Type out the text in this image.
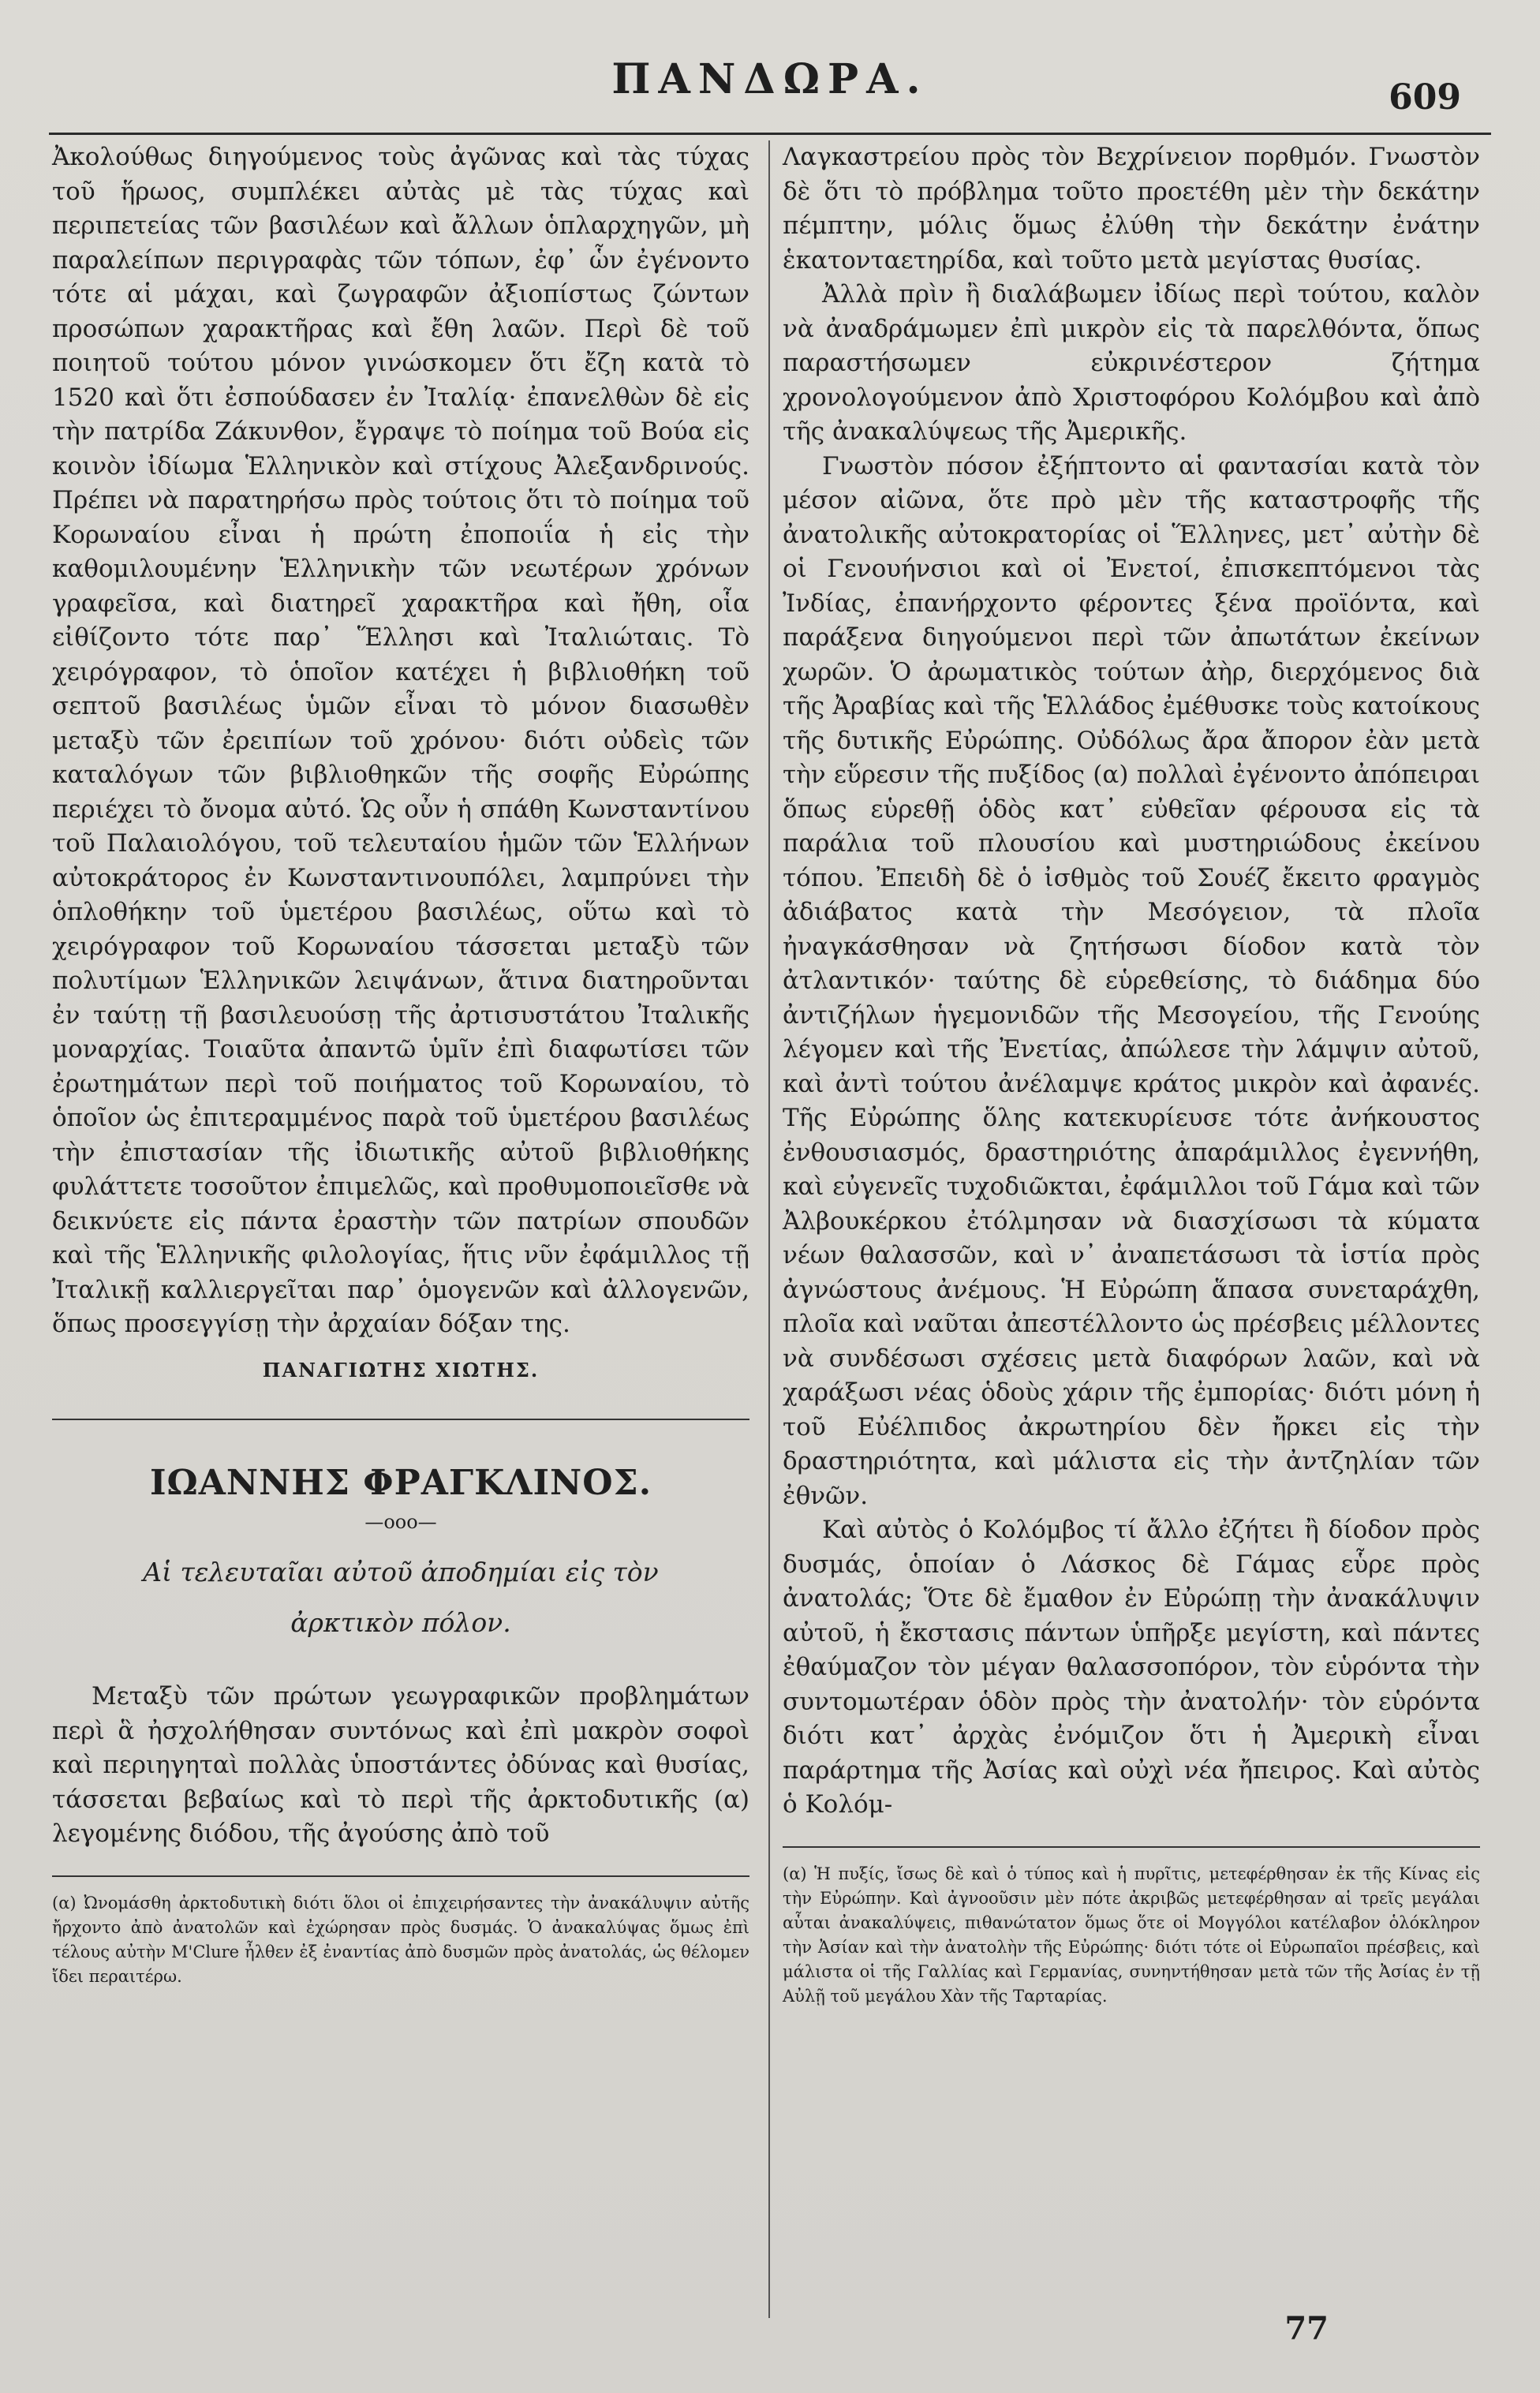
ΠΑΝΔΩΡΑ.	609

Ἀκολούθως διηγούμενος τοὺς ἀγῶνας καὶ τὰς τύχας τοῦ ἥρωος, συμπλέκει αὐτὰς μὲ τὰς τύχας καὶ περιπετείας τῶν βασιλέων καὶ ἄλλων ὁπλαρχηγῶν, μὴ παραλείπων περιγραφὰς τῶν τόπων, ἐφ᾽ ὧν ἐγένοντο τότε αἱ μάχαι, καὶ ζωγραφῶν ἀξιοπίστως ζώντων προσώπων χαρακτῆρας καὶ ἔθη λαῶν. Περὶ δὲ τοῦ ποιητοῦ τούτου μόνον γινώσκομεν ὅτι ἔζη κατὰ τὸ 1520 καὶ ὅτι ἐσπούδασεν ἐν Ἰταλίᾳ· ἐπανελθὼν δὲ εἰς τὴν πατρίδα Ζάκυνθον, ἔγραψε τὸ ποίημα τοῦ Βούα εἰς κοινὸν ἰδίωμα Ἑλληνικὸν καὶ στίχους Ἀλεξανδρινούς. Πρέπει νὰ παρατηρήσω πρὸς τούτοις ὅτι τὸ ποίημα τοῦ Κορωναίου εἶναι ἡ πρώτη ἐποποιΐα ἡ εἰς τὴν καθομιλουμένην Ἑλληνικὴν τῶν νεωτέρων χρόνων γραφεῖσα, καὶ διατηρεῖ χαρακτῆρα καὶ ἤθη, οἷα εἰθίζοντο τότε παρ᾽ Ἕλλησι καὶ Ἰταλιώταις. Τὸ χειρόγραφον, τὸ ὁποῖον κατέχει ἡ βιβλιοθήκη τοῦ σεπτοῦ βασιλέως ὑμῶν εἶναι τὸ μόνον διασωθὲν μεταξὺ τῶν ἐρειπίων τοῦ χρόνου· διότι οὐδεὶς τῶν καταλόγων τῶν βιβλιοθηκῶν τῆς σοφῆς Εὐρώπης περιέχει τὸ ὄνομα αὐτό. Ὡς οὖν ἡ σπάθη Κωνσταντίνου τοῦ Παλαιολόγου, τοῦ τελευταίου ἡμῶν τῶν Ἑλλήνων αὐτοκράτορος ἐν Κωνσταντινουπόλει, λαμπρύνει τὴν ὁπλοθήκην τοῦ ὑμετέρου βασιλέως, οὕτω καὶ τὸ χειρόγραφον τοῦ Κορωναίου τάσσεται μεταξὺ τῶν πολυτίμων Ἑλληνικῶν λειψάνων, ἅτινα διατηροῦνται ἐν ταύτῃ τῇ βασιλευούσῃ τῆς ἀρτισυστάτου Ἰταλικῆς μοναρχίας. Τοιαῦτα ἀπαντῶ ὑμῖν ἐπὶ διαφωτίσει τῶν ἐρωτημάτων περὶ τοῦ ποιήματος τοῦ Κορωναίου, τὸ ὁποῖον ὡς ἐπιτεραμμένος παρὰ τοῦ ὑμετέρου βασιλέως τὴν ἐπιστασίαν τῆς ἰδιωτικῆς αὐτοῦ βιβλιοθήκης φυλάττετε τοσοῦτον ἐπιμελῶς, καὶ προθυμοποιεῖσθε νὰ δεικνύετε εἰς πάντα ἐραστὴν τῶν πατρίων σπουδῶν καὶ τῆς Ἑλληνικῆς φιλολογίας, ἥτις νῦν ἐφάμιλλος τῇ Ἰταλικῇ καλλιεργεῖται παρ᾽ ὁμογενῶν καὶ ἀλλογενῶν, ὅπως προσεγγίσῃ τὴν ἀρχαίαν δόξαν της.

ΠΑΝΑΓΙΩΤΗΣ ΧΙΩΤΗΣ.
ΙΩΑΝΝΗΣ ΦΡΑΓΚΛΙΝΟΣ.
—ooo—
Αἱ τελευταῖαι αὐτοῦ ἀποδημίαι εἰς τὸν
ἀρκτικὸν πόλον.

Μεταξὺ τῶν πρώτων γεωγραφικῶν προβλημάτων περὶ ἃ ἠσχολήθησαν συντόνως καὶ ἐπὶ μακρὸν σοφοὶ καὶ περιηγηταὶ πολλὰς ὑποστάντες ὀδύνας καὶ θυσίας, τάσσεται βεβαίως καὶ τὸ περὶ τῆς ἀρκτοδυτικῆς (α) λεγομένης διόδου, τῆς ἀγούσης ἀπὸ τοῦ

(α) Ὠνομάσθη ἀρκτοδυτικὴ διότι ὅλοι οἱ ἐπιχειρήσαντες τὴν ἀνακάλυψιν αὐτῆς ἤρχοντο ἀπὸ ἀνατολῶν καὶ ἐχώρησαν πρὸς δυσμάς. Ὁ ἀνακαλύψας ὅμως ἐπὶ τέλους αὐτὴν M'Clure ἦλθεν ἐξ ἐναντίας ἀπὸ δυσμῶν πρὸς ἀνατολάς, ὡς θέλομεν ἴδει περαιτέρω.

Λαγκαστρείου πρὸς τὸν Βεχρίνειον πορθμόν. Γνωστὸν δὲ ὅτι τὸ πρόβλημα τοῦτο προετέθη μὲν τὴν δεκάτην πέμπτην, μόλις ὅμως ἐλύθη τὴν δεκάτην ἐνάτην ἑκατονταετηρίδα, καὶ τοῦτο μετὰ μεγίστας θυσίας.

Ἀλλὰ πρὶν ἢ διαλάβωμεν ἰδίως περὶ τούτου, καλὸν νὰ ἀναδράμωμεν ἐπὶ μικρὸν εἰς τὰ παρελθόντα, ὅπως παραστήσωμεν εὐκρινέστερον ζήτημα χρονολογούμενον ἀπὸ Χριστοφόρου Κολόμβου καὶ ἀπὸ τῆς ἀνακαλύψεως τῆς Ἀμερικῆς.

Γνωστὸν πόσον ἐξήπτοντο αἱ φαντασίαι κατὰ τὸν μέσον αἰῶνα, ὅτε πρὸ μὲν τῆς καταστροφῆς τῆς ἀνατολικῆς αὐτοκρατορίας οἱ Ἕλληνες, μετ᾽ αὐτὴν δὲ οἱ Γενουήνσιοι καὶ οἱ Ἐνετοί, ἐπισκεπτόμενοι τὰς Ἰνδίας, ἐπανήρχοντο φέροντες ξένα προϊόντα, καὶ παράξενα διηγούμενοι περὶ τῶν ἀπωτάτων ἐκείνων χωρῶν. Ὁ ἀρωματικὸς τούτων ἀὴρ, διερχόμενος διὰ τῆς Ἀραβίας καὶ τῆς Ἑλλάδος ἐμέθυσκε τοὺς κατοίκους τῆς δυτικῆς Εὐρώπης. Οὐδόλως ἄρα ἄπορον ἐὰν μετὰ τὴν εὕρεσιν τῆς πυξίδος (α) πολλαὶ ἐγένοντο ἀπόπειραι ὅπως εὑρεθῇ ὁδὸς κατ᾽ εὐθεῖαν φέρουσα εἰς τὰ παράλια τοῦ πλουσίου καὶ μυστηριώδους ἐκείνου τόπου. Ἐπειδὴ δὲ ὁ ἰσθμὸς τοῦ Σουέζ ἔκειτο φραγμὸς ἀδιάβατος κατὰ τὴν Μεσόγειον, τὰ πλοῖα ἠναγκάσθησαν νὰ ζητήσωσι δίοδον κατὰ τὸν ἀτλαντικόν· ταύτης δὲ εὑρεθείσης, τὸ διάδημα δύο ἀντιζήλων ἡγεμονιδῶν τῆς Μεσογείου, τῆς Γενούης λέγομεν καὶ τῆς Ἐνετίας, ἀπώλεσε τὴν λάμψιν αὐτοῦ, καὶ ἀντὶ τούτου ἀνέλαμψε κράτος μικρὸν καὶ ἀφανές. Τῆς Εὐρώπης ὅλης κατεκυρίευσε τότε ἀνήκουστος ἐνθουσιασμός, δραστηριότης ἀπαράμιλλος ἐγεννήθη, καὶ εὐγενεῖς τυχοδιῶκται, ἐφάμιλλοι τοῦ Γάμα καὶ τῶν Ἀλβουκέρκου ἐτόλμησαν νὰ διασχίσωσι τὰ κύματα νέων θαλασσῶν, καὶ ν᾽ ἀναπετάσωσι τὰ ἱστία πρὸς ἀγνώστους ἀνέμους. Ἡ Εὐρώπη ἅπασα συνεταράχθη, πλοῖα καὶ ναῦται ἀπεστέλλοντο ὡς πρέσβεις μέλλοντες νὰ συνδέσωσι σχέσεις μετὰ διαφόρων λαῶν, καὶ νὰ χαράξωσι νέας ὁδοὺς χάριν τῆς ἐμπορίας· διότι μόνη ἡ τοῦ Εὐέλπιδος ἀκρωτηρίου δὲν ἤρκει εἰς τὴν δραστηριότητα, καὶ μάλιστα εἰς τὴν ἀντζηλίαν τῶν ἐθνῶν.

Καὶ αὐτὸς ὁ Κολόμβος τί ἄλλο ἐζήτει ἢ δίοδον πρὸς δυσμάς, ὁποίαν ὁ Λάσκος δὲ Γάμας εὗρε πρὸς ἀνατολάς; Ὅτε δὲ ἔμαθον ἐν Εὐρώπῃ τὴν ἀνακάλυψιν αὐτοῦ, ἡ ἔκστασις πάντων ὑπῆρξε μεγίστη, καὶ πάντες ἐθαύμαζον τὸν μέγαν θαλασσοπόρον, τὸν εὑρόντα τὴν συντομωτέραν ὁδὸν πρὸς τὴν ἀνατολήν· τὸν εὑρόντα διότι κατ᾽ ἀρχὰς ἐνόμιζον ὅτι ἡ Ἀμερικὴ εἶναι παράρτημα τῆς Ἀσίας καὶ οὐχὶ νέα ἤπειρος. Καὶ αὐτὸς ὁ Κολόμ-

(α) Ἡ πυξίς, ἴσως δὲ καὶ ὁ τύπος καὶ ἡ πυρῖτις, μετεφέρθησαν ἐκ τῆς Κίνας εἰς τὴν Εὐρώπην. Καὶ ἀγνοοῦσιν μὲν πότε ἀκριβῶς μετεφέρθησαν αἱ τρεῖς μεγάλαι αὗται ἀνακαλύψεις, πιθανώτατον ὅμως ὅτε οἱ Μογγόλοι κατέλαβον ὁλόκληρον τὴν Ἀσίαν καὶ τὴν ἀνατολὴν τῆς Εὐρώπης· διότι τότε οἱ Εὐρωπαῖοι πρέσβεις, καὶ μάλιστα οἱ τῆς Γαλλίας καὶ Γερμανίας, συνηντήθησαν μετὰ τῶν τῆς Ἀσίας ἐν τῇ Αὐλῇ τοῦ μεγάλου Χὰν τῆς Ταρταρίας.
77
